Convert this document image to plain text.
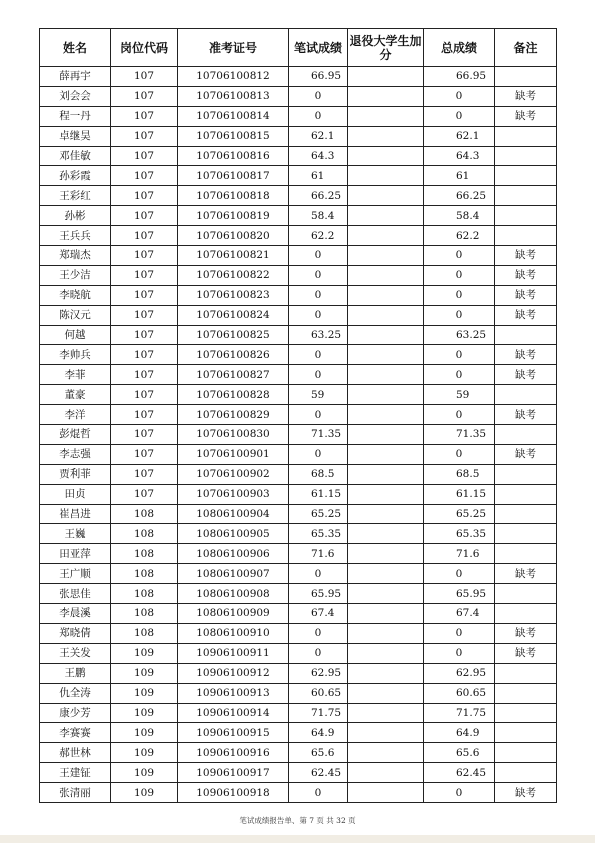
姓名	岗位代码	准考证号	笔试成绩	退役大学生加分	总成绩	备注
薛再宇	107	10706100812	66.95		66.95	
刘会会	107	10706100813	0		0	缺考
程一丹	107	10706100814	0		0	缺考
卓继昊	107	10706100815	62.1		62.1	
邓佳敏	107	10706100816	64.3		64.3	
孙彩霞	107	10706100817	61		61	
王彩红	107	10706100818	66.25		66.25	
孙彬	107	10706100819	58.4		58.4	
王兵兵	107	10706100820	62.2		62.2	
郑瑞杰	107	10706100821	0		0	缺考
王少洁	107	10706100822	0		0	缺考
李晓航	107	10706100823	0		0	缺考
陈汉元	107	10706100824	0		0	缺考
何越	107	10706100825	63.25		63.25	
李帅兵	107	10706100826	0		0	缺考
李菲	107	10706100827	0		0	缺考
董豪	107	10706100828	59		59	
李洋	107	10706100829	0		0	缺考
彭焜哲	107	10706100830	71.35		71.35	
李志强	107	10706100901	0		0	缺考
贾利菲	107	10706100902	68.5		68.5	
田贞	107	10706100903	61.15		61.15	
崔昌进	108	10806100904	65.25		65.25	
王巍	108	10806100905	65.35		65.35	
田亚萍	108	10806100906	71.6		71.6	
王广顺	108	10806100907	0		0	缺考
张思佳	108	10806100908	65.95		65.95	
李晨溪	108	10806100909	67.4		67.4	
郑晓倩	108	10806100910	0		0	缺考
王关发	109	10906100911	0		0	缺考
王鹏	109	10906100912	62.95		62.95	
仇全涛	109	10906100913	60.65		60.65	
康少芳	109	10906100914	71.75		71.75	
李赛赛	109	10906100915	64.9		64.9	
郝世林	109	10906100916	65.6		65.6	
王建钲	109	10906100917	62.45		62.45	
张清丽	109	10906100918	0		0	缺考
笔试成绩报告单、第 7 页 共 32 页
